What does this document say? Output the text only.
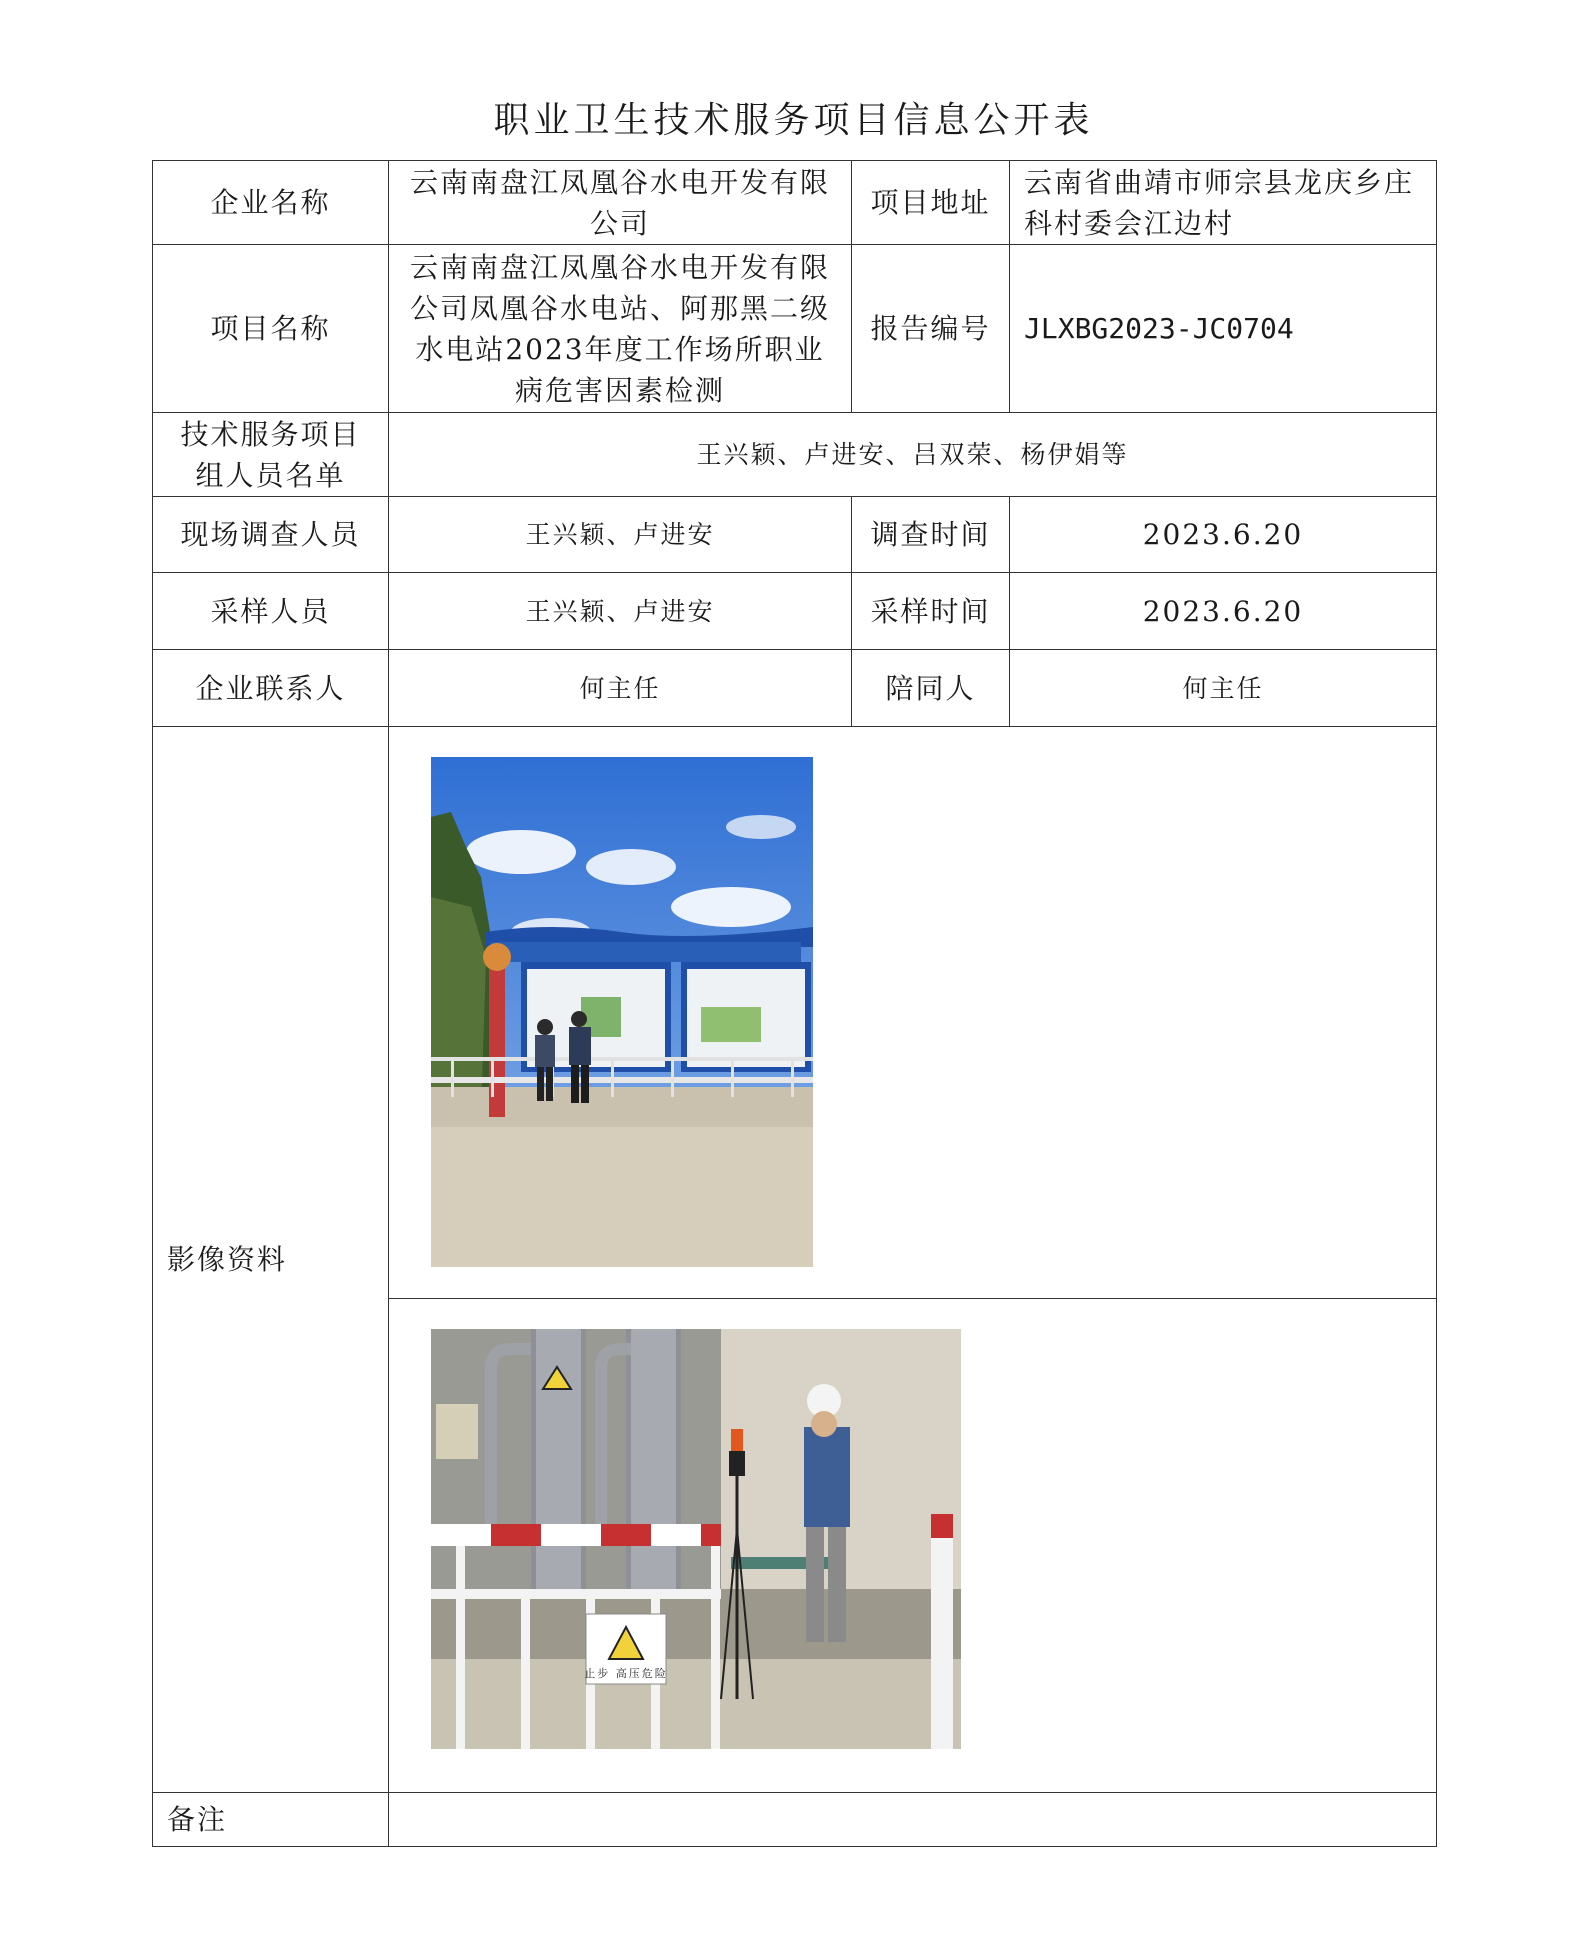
职业卫生技术服务项目信息公开表
企业名称	云南南盘江凤凰谷水电开发有限公司	项目地址	云南省曲靖市师宗县龙庆乡庄科村委会江边村
项目名称	云南南盘江凤凰谷水电开发有限公司凤凰谷水电站、阿那黑二级水电站2023年度工作场所职业病危害因素检测	报告编号	JLXBG2023-JC0704
技术服务项目组人员名单	王兴颖、卢进安、吕双荣、杨伊娟等		
现场调查人员	王兴颖、卢进安	调查时间	2023.6.20
采样人员	王兴颖、卢进安	采样时间	2023.6.20
企业联系人	何主任	陪同人	何主任
影像资料	

止步 高压危险		

备注			
